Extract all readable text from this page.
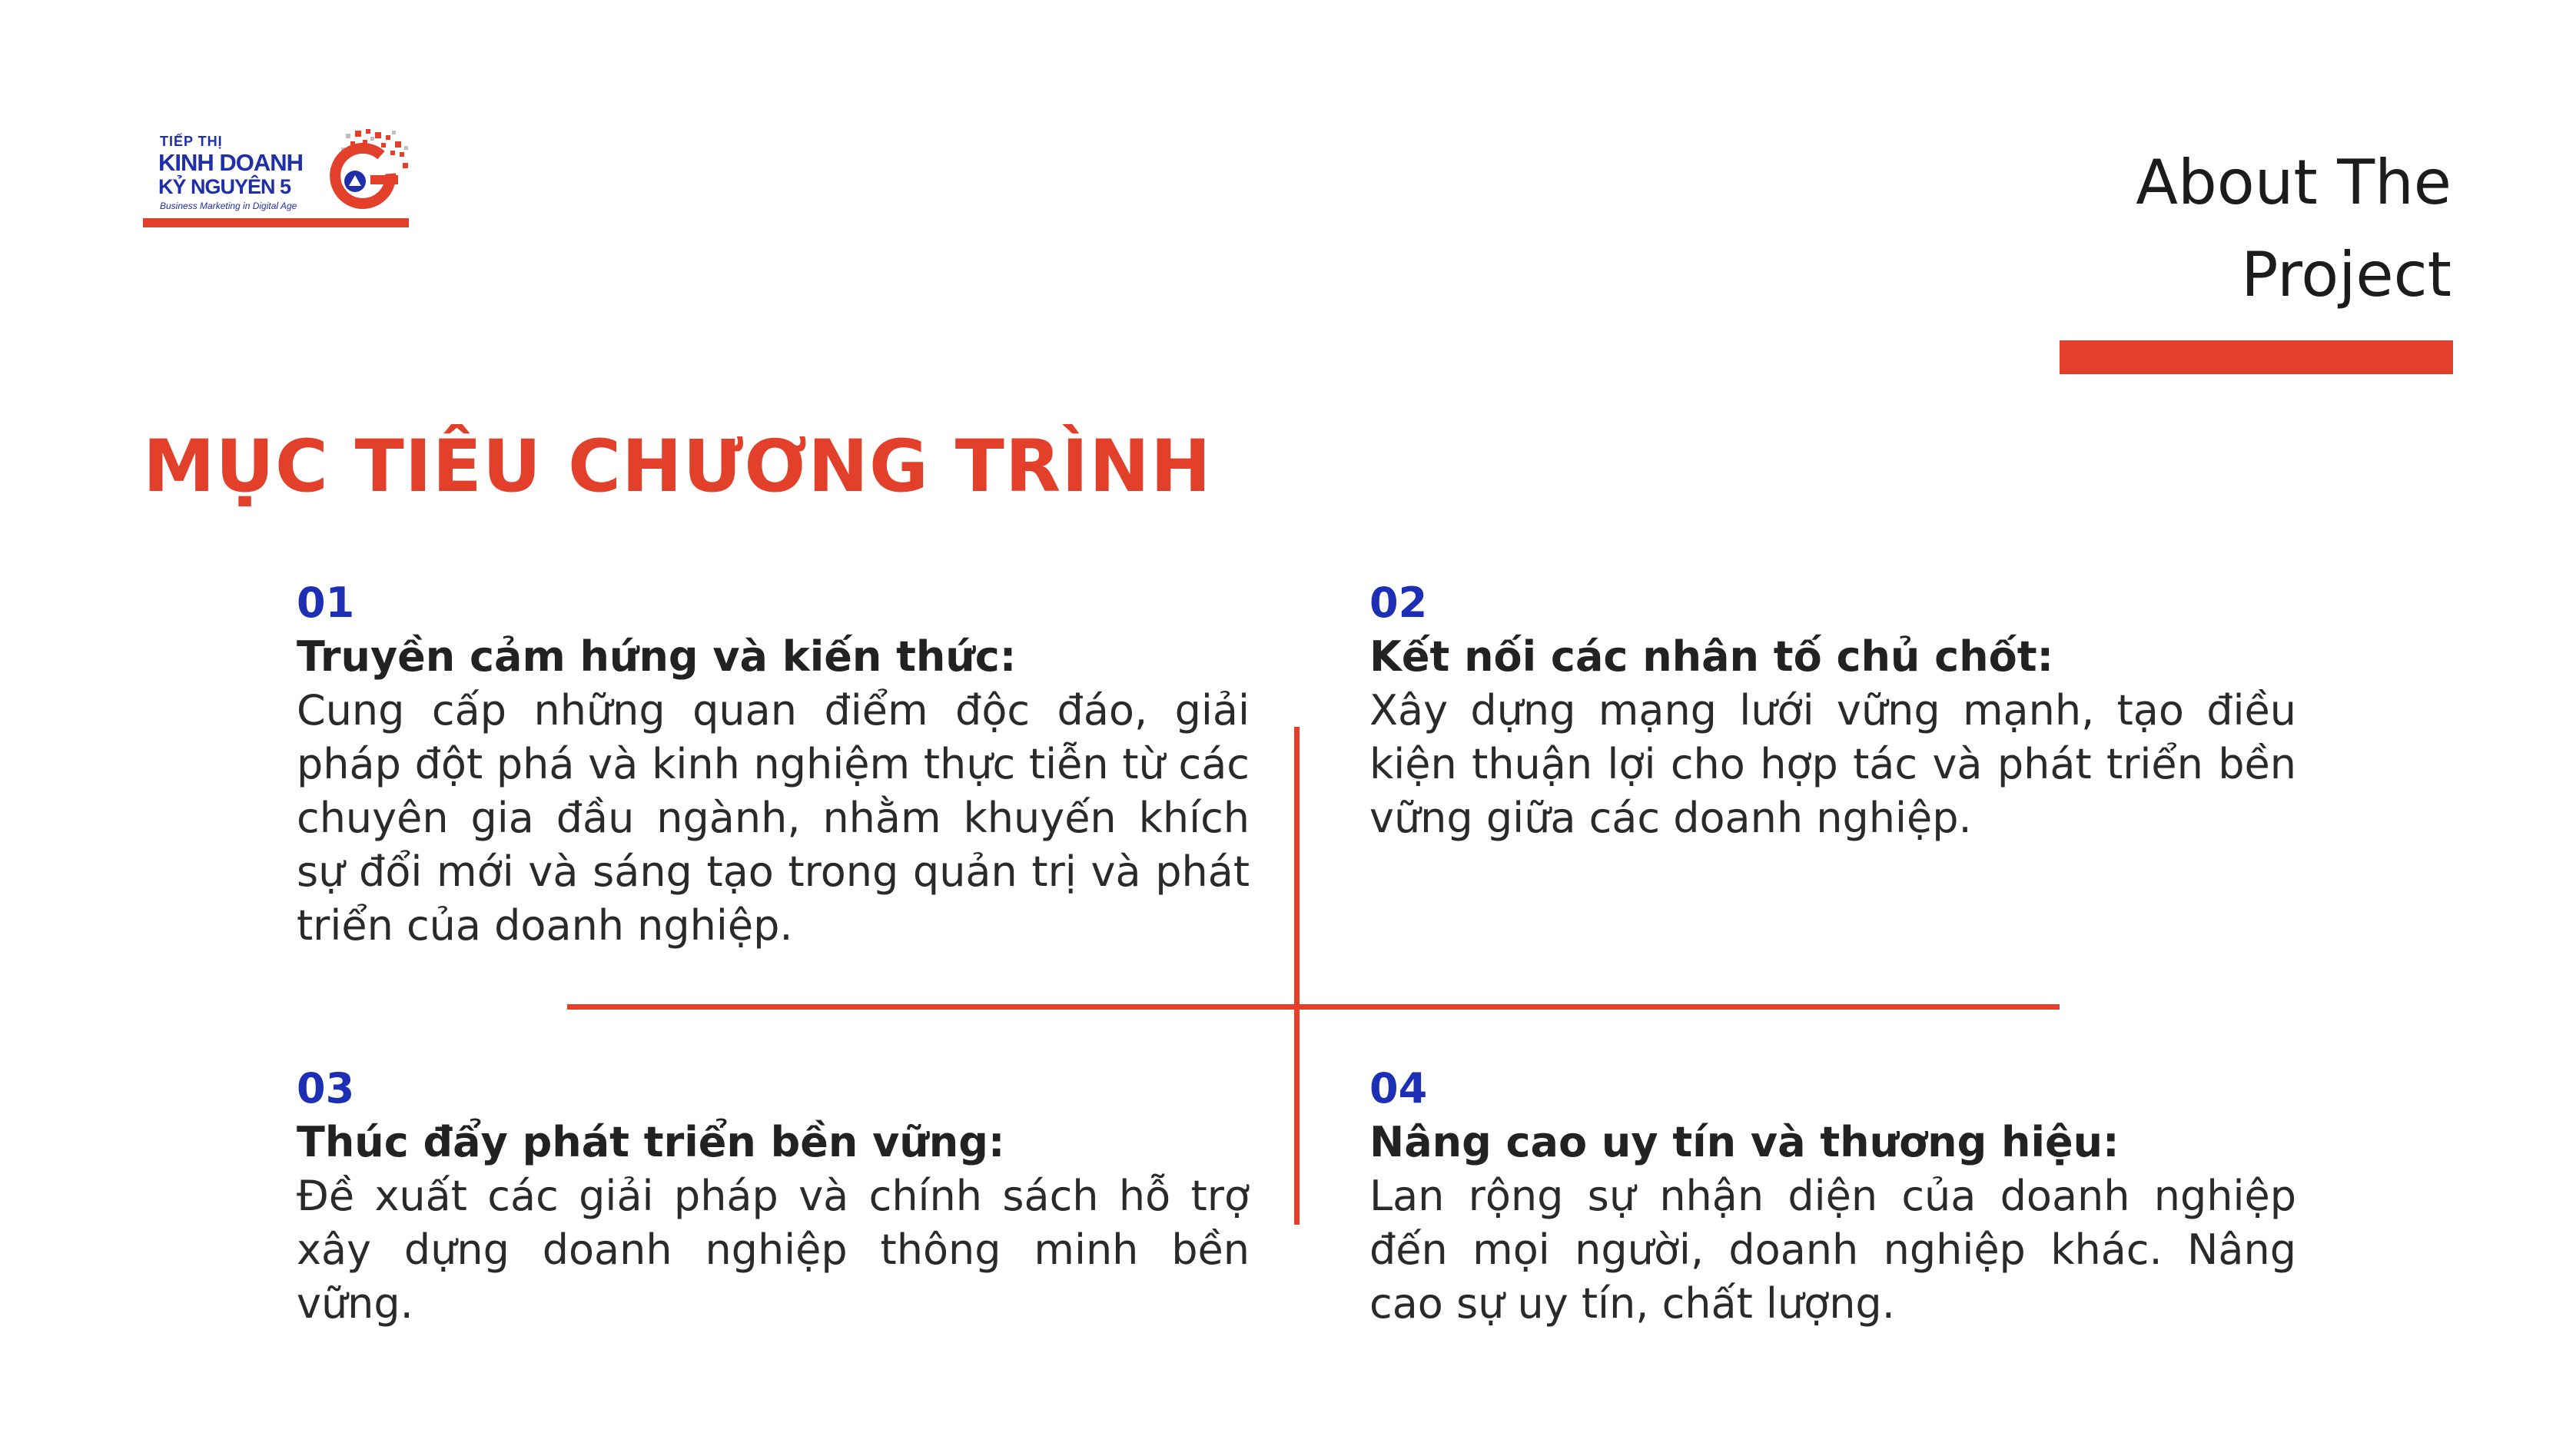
TIẾP THỊ
KINH DOANH
KỶ NGUYÊN 5
Business Marketing in Digital Age	About The
Project
MỤC TIÊU CHƯƠNG TRÌNH
01
Truyền cảm hứng và kiến thức:
Cung cấp những quan điểm độc đáo, giải pháp đột phá và kinh nghiệm thực tiễn từ các chuyên gia đầu ngành, nhằm khuyến khích sự đổi mới và sáng tạo trong quản trị và phát triển của doanh nghiệp.
02
Kết nối các nhân tố chủ chốt:
Xây dựng mạng lưới vững mạnh, tạo điều kiện thuận lợi cho hợp tác và phát triển bền vững giữa các doanh nghiệp.
03
Thúc đẩy phát triển bền vững:
Đề xuất các giải pháp và chính sách hỗ trợ xây dựng doanh nghiệp thông minh bền vững.
04
Nâng cao uy tín và thương hiệu:
Lan rộng sự nhận diện của doanh nghiệp đến mọi người, doanh nghiệp khác. Nâng cao sự uy tín, chất lượng.
